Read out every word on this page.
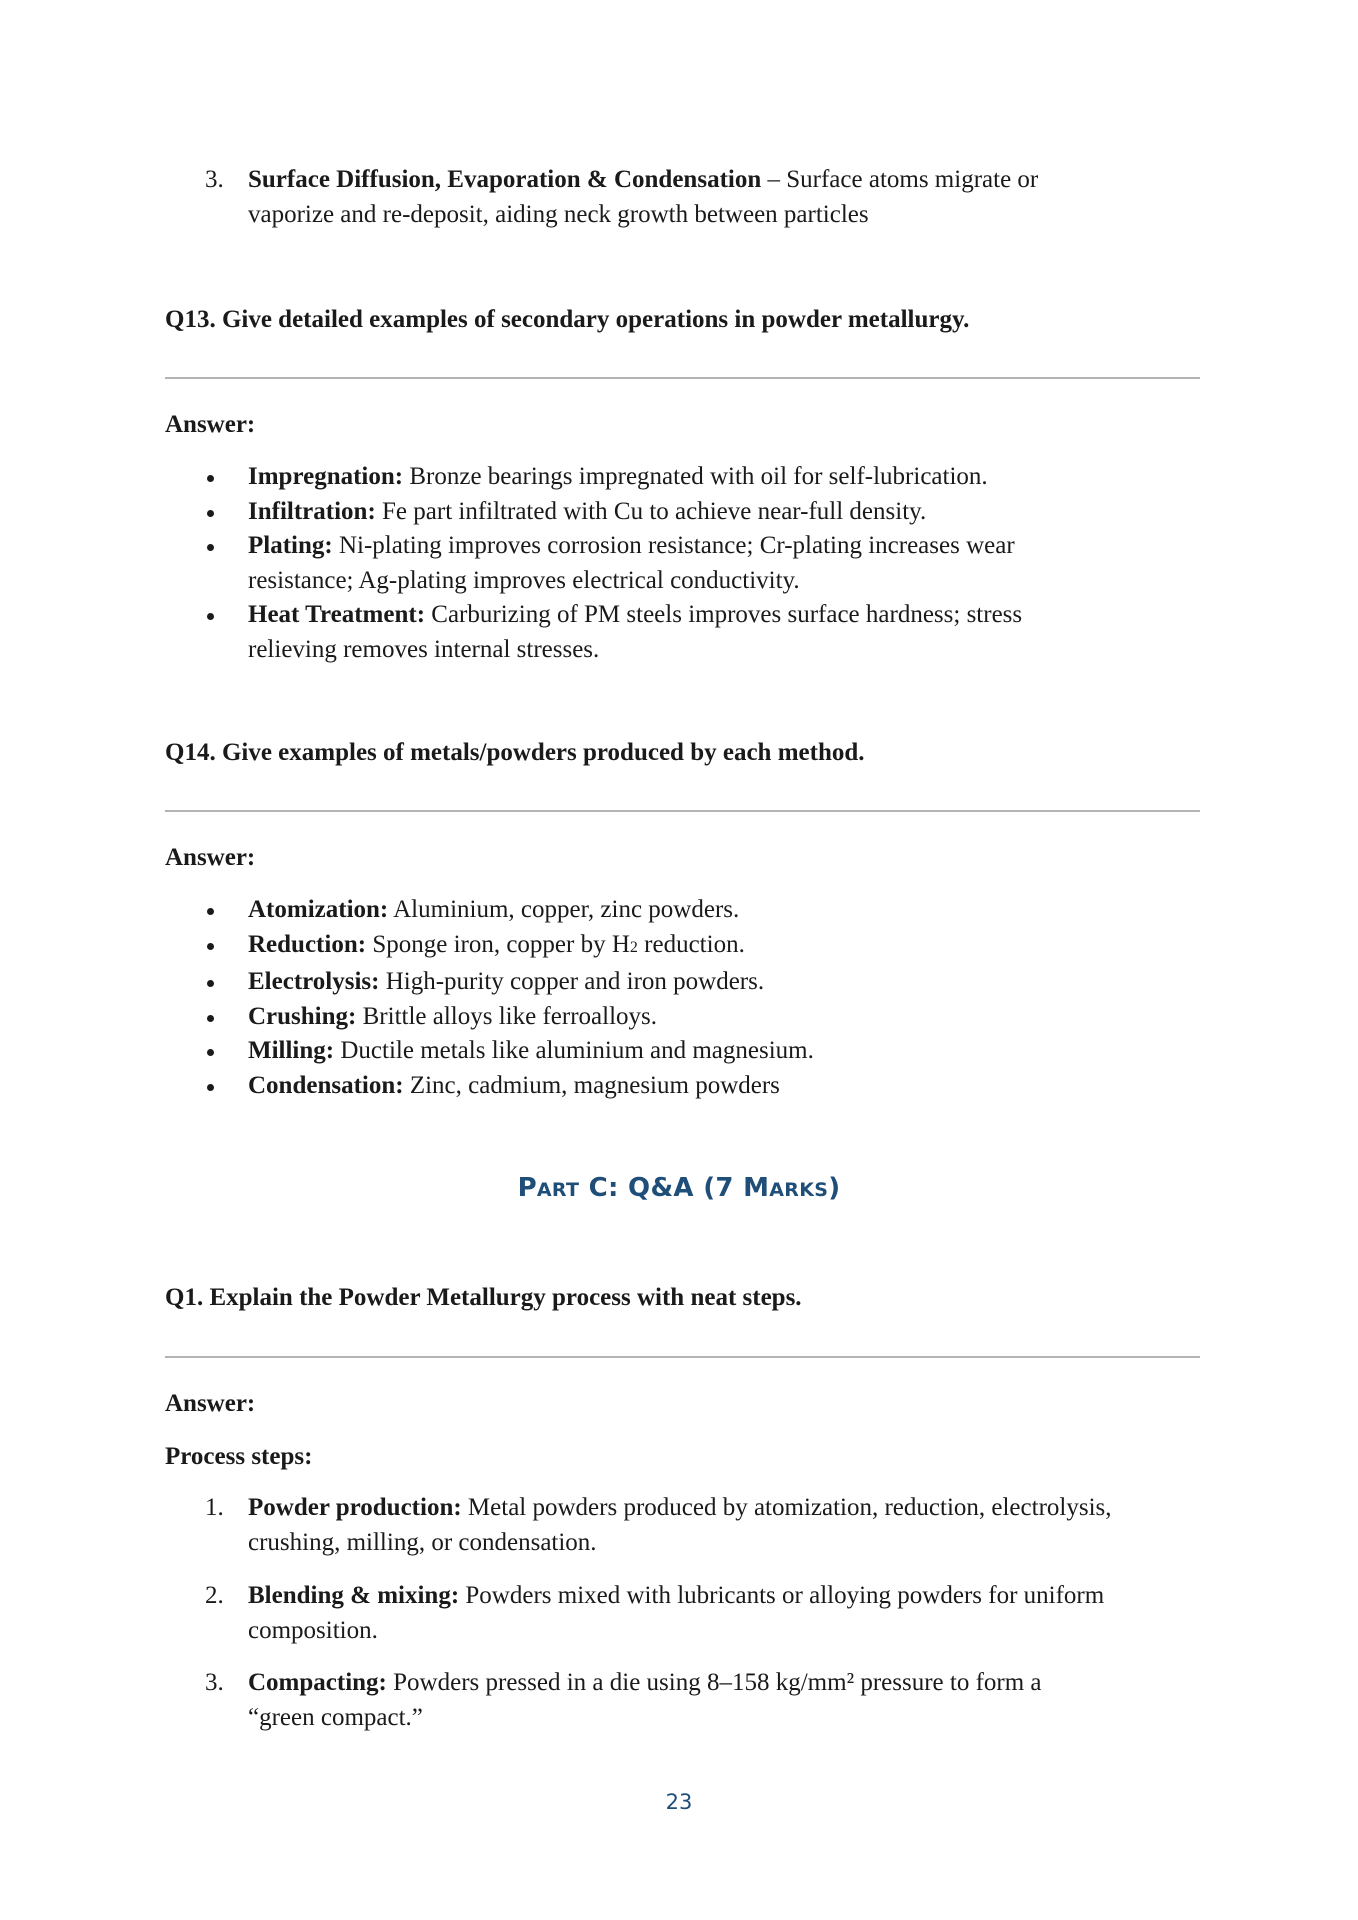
3. Surface Diffusion, Evaporation & Condensation – Surface atoms migrate or
vaporize and re-deposit, aiding neck growth between particles
Q13. Give detailed examples of secondary operations in powder metallurgy.
Answer:
Impregnation: Bronze bearings impregnated with oil for self-lubrication.
Infiltration: Fe part infiltrated with Cu to achieve near-full density.
Plating: Ni-plating improves corrosion resistance; Cr-plating increases wear
resistance; Ag-plating improves electrical conductivity.
Heat Treatment: Carburizing of PM steels improves surface hardness; stress
relieving removes internal stresses.
Q14. Give examples of metals/powders produced by each method.
Answer:
Atomization: Aluminium, copper, zinc powders.
Reduction: Sponge iron, copper by H2 reduction.
Electrolysis: High-purity copper and iron powders.
Crushing: Brittle alloys like ferroalloys.
Milling: Ductile metals like aluminium and magnesium.
Condensation: Zinc, cadmium, magnesium powders
PART C: Q&A (7 MARKS)
Q1. Explain the Powder Metallurgy process with neat steps.
Answer:
Process steps:
1. Powder production: Metal powders produced by atomization, reduction, electrolysis,
crushing, milling, or condensation.
2. Blending & mixing: Powders mixed with lubricants or alloying powders for uniform
composition.
3. Compacting: Powders pressed in a die using 8–158 kg/mm² pressure to form a
“green compact.”
23
